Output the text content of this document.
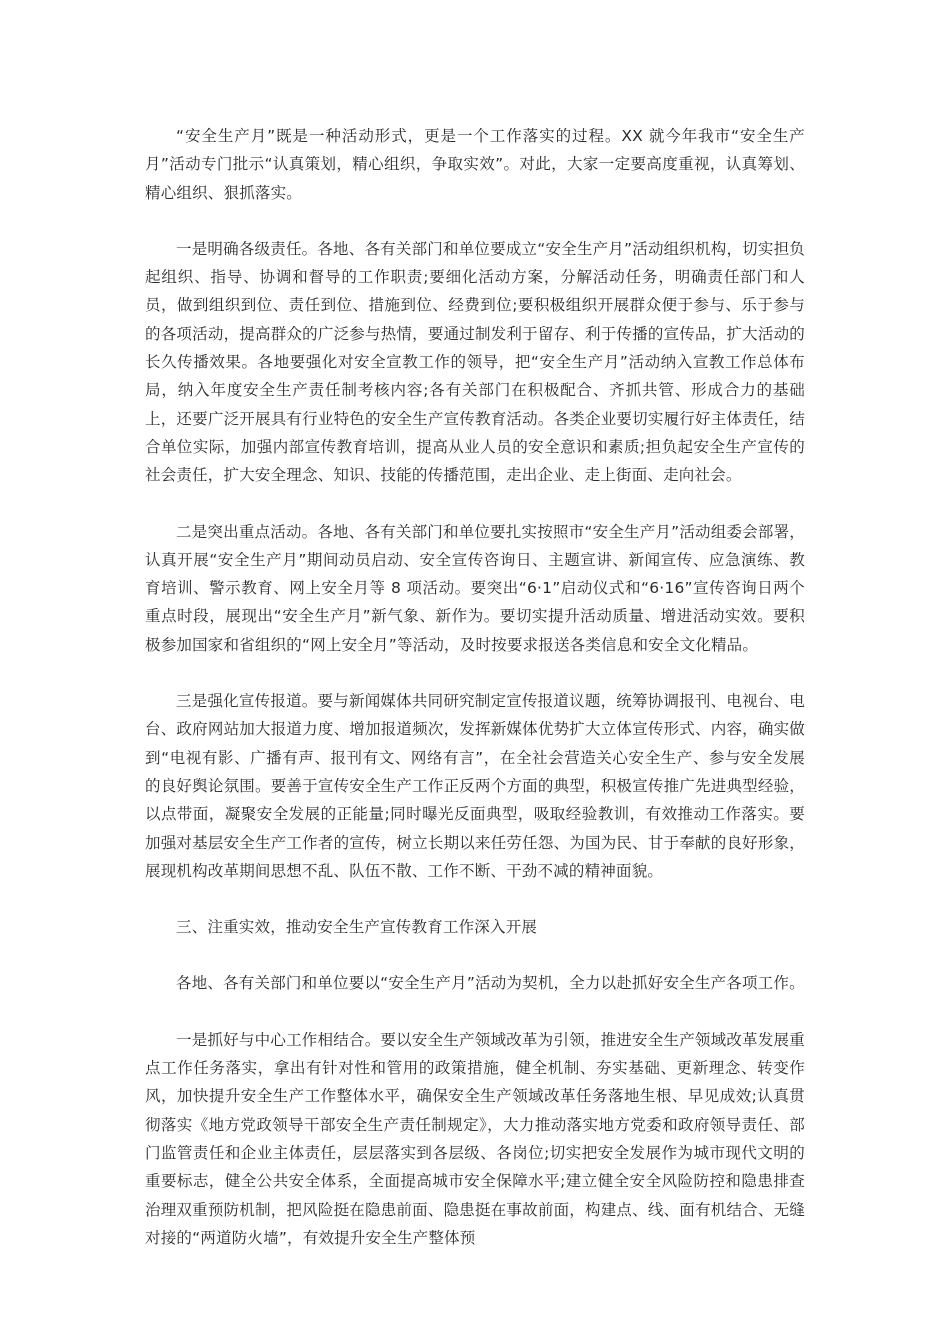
“安全生产月”既是一种活动形式，更是一个工作落实的过程。XX 就今年我市“安全生产月”活动专门批示“认真策划，精心组织，争取实效”。对此，大家一定要高度重视，认真筹划、精心组织、狠抓落实。

一是明确各级责任。各地、各有关部门和单位要成立“安全生产月”活动组织机构，切实担负起组织、指导、协调和督导的工作职责;要细化活动方案，分解活动任务，明确责任部门和人员，做到组织到位、责任到位、措施到位、经费到位;要积极组织开展群众便于参与、乐于参与的各项活动，提高群众的广泛参与热情，要通过制发利于留存、利于传播的宣传品，扩大活动的长久传播效果。各地要强化对安全宣教工作的领导，把“安全生产月”活动纳入宣教工作总体布局，纳入年度安全生产责任制考核内容;各有关部门在积极配合、齐抓共管、形成合力的基础上，还要广泛开展具有行业特色的安全生产宣传教育活动。各类企业要切实履行好主体责任，结合单位实际，加强内部宣传教育培训，提高从业人员的安全意识和素质;担负起安全生产宣传的社会责任，扩大安全理念、知识、技能的传播范围，走出企业、走上街面、走向社会。

二是突出重点活动。各地、各有关部门和单位要扎实按照市“安全生产月”活动组委会部署，认真开展“安全生产月”期间动员启动、安全宣传咨询日、主题宣讲、新闻宣传、应急演练、教育培训、警示教育、网上安全月等 8 项活动。要突出“6·1”启动仪式和“6·16”宣传咨询日两个重点时段，展现出“安全生产月”新气象、新作为。要切实提升活动质量、增进活动实效。要积极参加国家和省组织的“网上安全月”等活动，及时按要求报送各类信息和安全文化精品。

三是强化宣传报道。要与新闻媒体共同研究制定宣传报道议题，统筹协调报刊、电视台、电台、政府网站加大报道力度、增加报道频次，发挥新媒体优势扩大立体宣传形式、内容，确实做到“电视有影、广播有声、报刊有文、网络有言”，在全社会营造关心安全生产、参与安全发展的良好舆论氛围。要善于宣传安全生产工作正反两个方面的典型，积极宣传推广先进典型经验，以点带面，凝聚安全发展的正能量;同时曝光反面典型，吸取经验教训，有效推动工作落实。要加强对基层安全生产工作者的宣传，树立长期以来任劳任怨、为国为民、甘于奉献的良好形象，展现机构改革期间思想不乱、队伍不散、工作不断、干劲不减的精神面貌。

三、注重实效，推动安全生产宣传教育工作深入开展

各地、各有关部门和单位要以“安全生产月”活动为契机，全力以赴抓好安全生产各项工作。

一是抓好与中心工作相结合。要以安全生产领域改革为引领，推进安全生产领域改革发展重点工作任务落实，拿出有针对性和管用的政策措施，健全机制、夯实基础、更新理念、转变作风，加快提升安全生产工作整体水平，确保安全生产领域改革任务落地生根、早见成效;认真贯彻落实《地方党政领导干部安全生产责任制规定》，大力推动落实地方党委和政府领导责任、部门监管责任和企业主体责任，层层落实到各层级、各岗位;切实把安全发展作为城市现代文明的重要标志，健全公共安全体系，全面提高城市安全保障水平;建立健全安全风险防控和隐患排查治理双重预防机制，把风险挺在隐患前面、隐患挺在事故前面，构建点、线、面有机结合、无缝对接的“两道防火墙”，有效提升安全生产整体预
